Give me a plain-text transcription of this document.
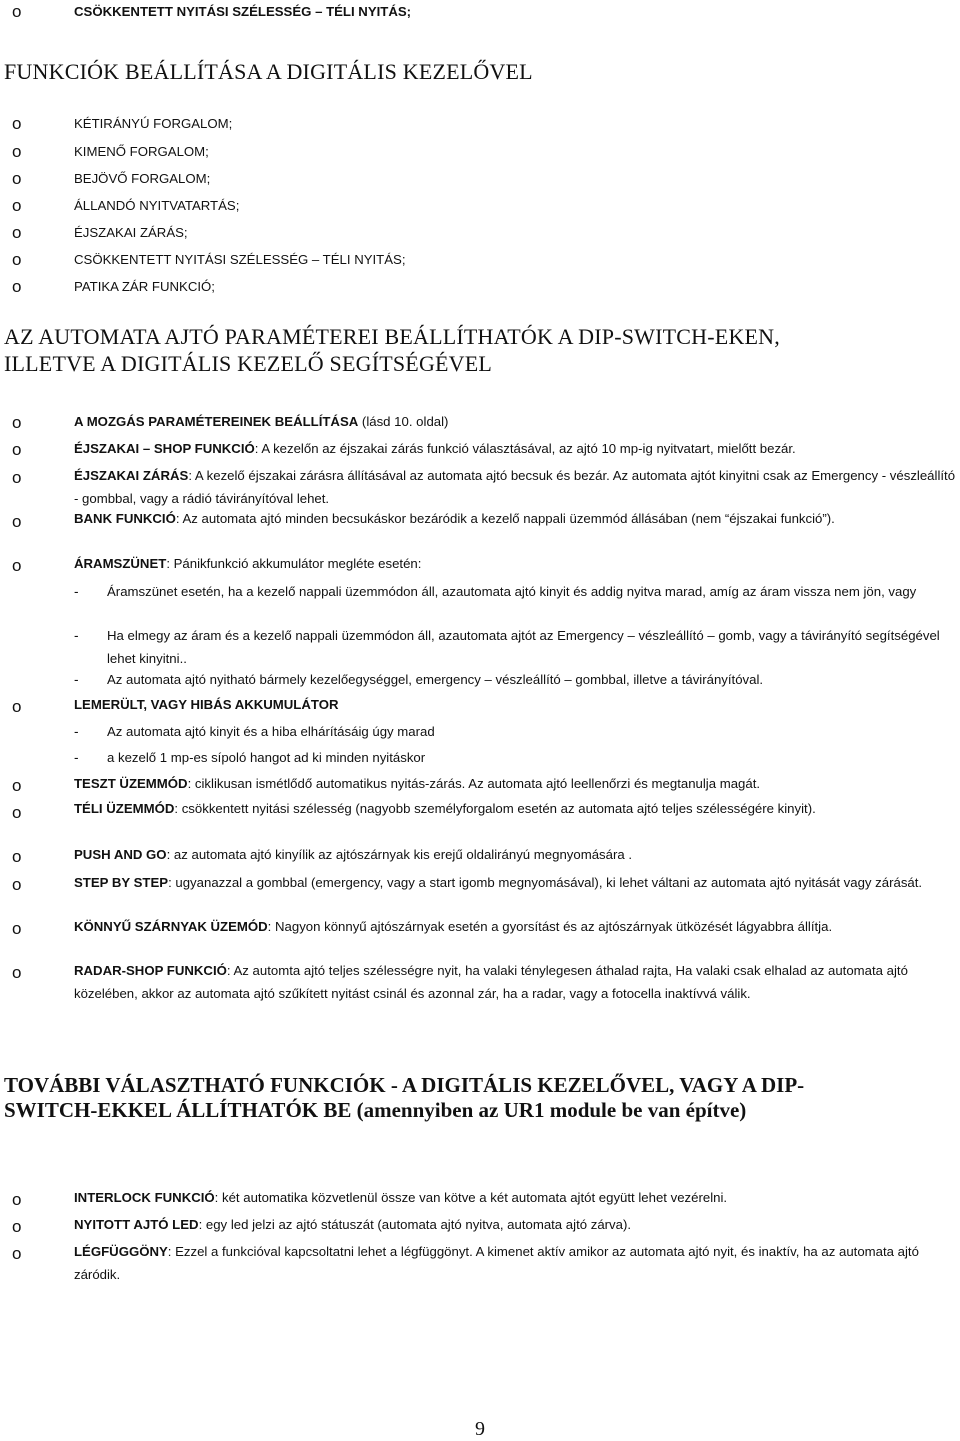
o	CSÖKKENTETT NYITÁSI SZÉLESSÉG – TÉLI NYITÁS;
FUNKCIÓK BEÁLLÍTÁSA A DIGITÁLIS KEZELŐVEL
o	KÉTIRÁNYÚ FORGALOM;
o	KIMENŐ FORGALOM;
o	BEJÖVŐ FORGALOM;
o	ÁLLANDÓ NYITVATARTÁS;
o	ÉJSZAKAI ZÁRÁS;
o	CSÖKKENTETT NYITÁSI SZÉLESSÉG – TÉLI NYITÁS;
o	PATIKA ZÁR FUNKCIÓ;
AZ AUTOMATA AJTÓ PARAMÉTEREI BEÁLLÍTHATÓK A DIP-SWITCH-EKEN,
ILLETVE A DIGITÁLIS KEZELŐ SEGÍTSÉGÉVEL
o	A MOZGÁS PARAMÉTEREINEK BEÁLLÍTÁSA (lásd 10. oldal)
o	ÉJSZAKAI – SHOP FUNKCIÓ: A kezelőn az éjszakai zárás funkció választásával, az ajtó 10 mp-ig nyitvatart, mielőtt bezár.
o	ÉJSZAKAI ZÁRÁS: A kezelő éjszakai zárásra állításával az automata ajtó becsuk és bezár. Az automata ajtót kinyitni csak az Emergency - vészleállító - gombbal, vagy a rádió távirányítóval lehet.
o	BANK FUNKCIÓ: Az automata ajtó minden becsukáskor bezáródik a kezelő nappali üzemmód állásában (nem “éjszakai funkció”).
o	ÁRAMSZÜNET: Pánikfunkció akkumulátor megléte esetén:
-	Áramszünet esetén, ha a kezelő nappali üzemmódon áll, azautomata ajtó kinyit és addig nyitva marad, amíg az áram vissza nem jön, vagy
-	Ha elmegy az áram és a kezelő nappali üzemmódon áll, azautomata ajtót az Emergency – vészleállító – gomb, vagy a távirányító segítségével lehet kinyitni..
-	Az automata ajtó nyitható bármely kezelőegységgel, emergency – vészleállító – gombbal, illetve a távirányítóval.
o	LEMERÜLT, VAGY HIBÁS AKKUMULÁTOR
-	Az automata ajtó kinyit és a hiba elhárításáig úgy marad
-	a kezelő 1 mp-es sípoló hangot ad ki minden nyitáskor
o	TESZT ÜZEMMÓD: ciklikusan ismétlődő automatikus nyitás-zárás. Az automata ajtó leellenőrzi és megtanulja magát.
o	TÉLI ÜZEMMÓD: csökkentett nyitási szélesség (nagyobb személyforgalom esetén az automata ajtó teljes szélességére kinyit).
o	PUSH AND GO: az automata ajtó kinyílik az ajtószárnyak kis erejű oldalirányú megnyomására .
o	STEP BY STEP: ugyanazzal a gombbal (emergency, vagy a start igomb megnyomásával), ki lehet váltani az automata ajtó nyitását vagy zárását.
o	KÖNNYŰ SZÁRNYAK ÜZEMÓD: Nagyon könnyű ajtószárnyak esetén a gyorsítást és az ajtószárnyak ütközését lágyabbra állítja.
o	RADAR-SHOP FUNKCIÓ: Az automta ajtó teljes szélességre nyit, ha valaki ténylegesen áthalad rajta, Ha valaki csak elhalad az automata ajtó közelében, akkor az automata ajtó szűkített nyitást csinál és azonnal zár, ha a radar, vagy a fotocella inaktívvá válik.
TOVÁBBI VÁLASZTHATÓ FUNKCIÓK - A DIGITÁLIS KEZELŐVEL, VAGY A DIP-
SWITCH-EKKEL ÁLLÍTHATÓK BE (amennyiben az UR1 module be van építve)
o	INTERLOCK FUNKCIÓ: két automatika közvetlenül össze van kötve a két automata ajtót együtt lehet vezérelni.
o	NYITOTT AJTÓ LED: egy led jelzi az ajtó státuszát (automata ajtó nyitva, automata ajtó zárva).
o	LÉGFÜGGÖNY: Ezzel a funkcióval kapcsoltatni lehet a légfüggönyt. A kimenet aktív amikor az automata ajtó nyit, és inaktív, ha az automata ajtó záródik.
9
